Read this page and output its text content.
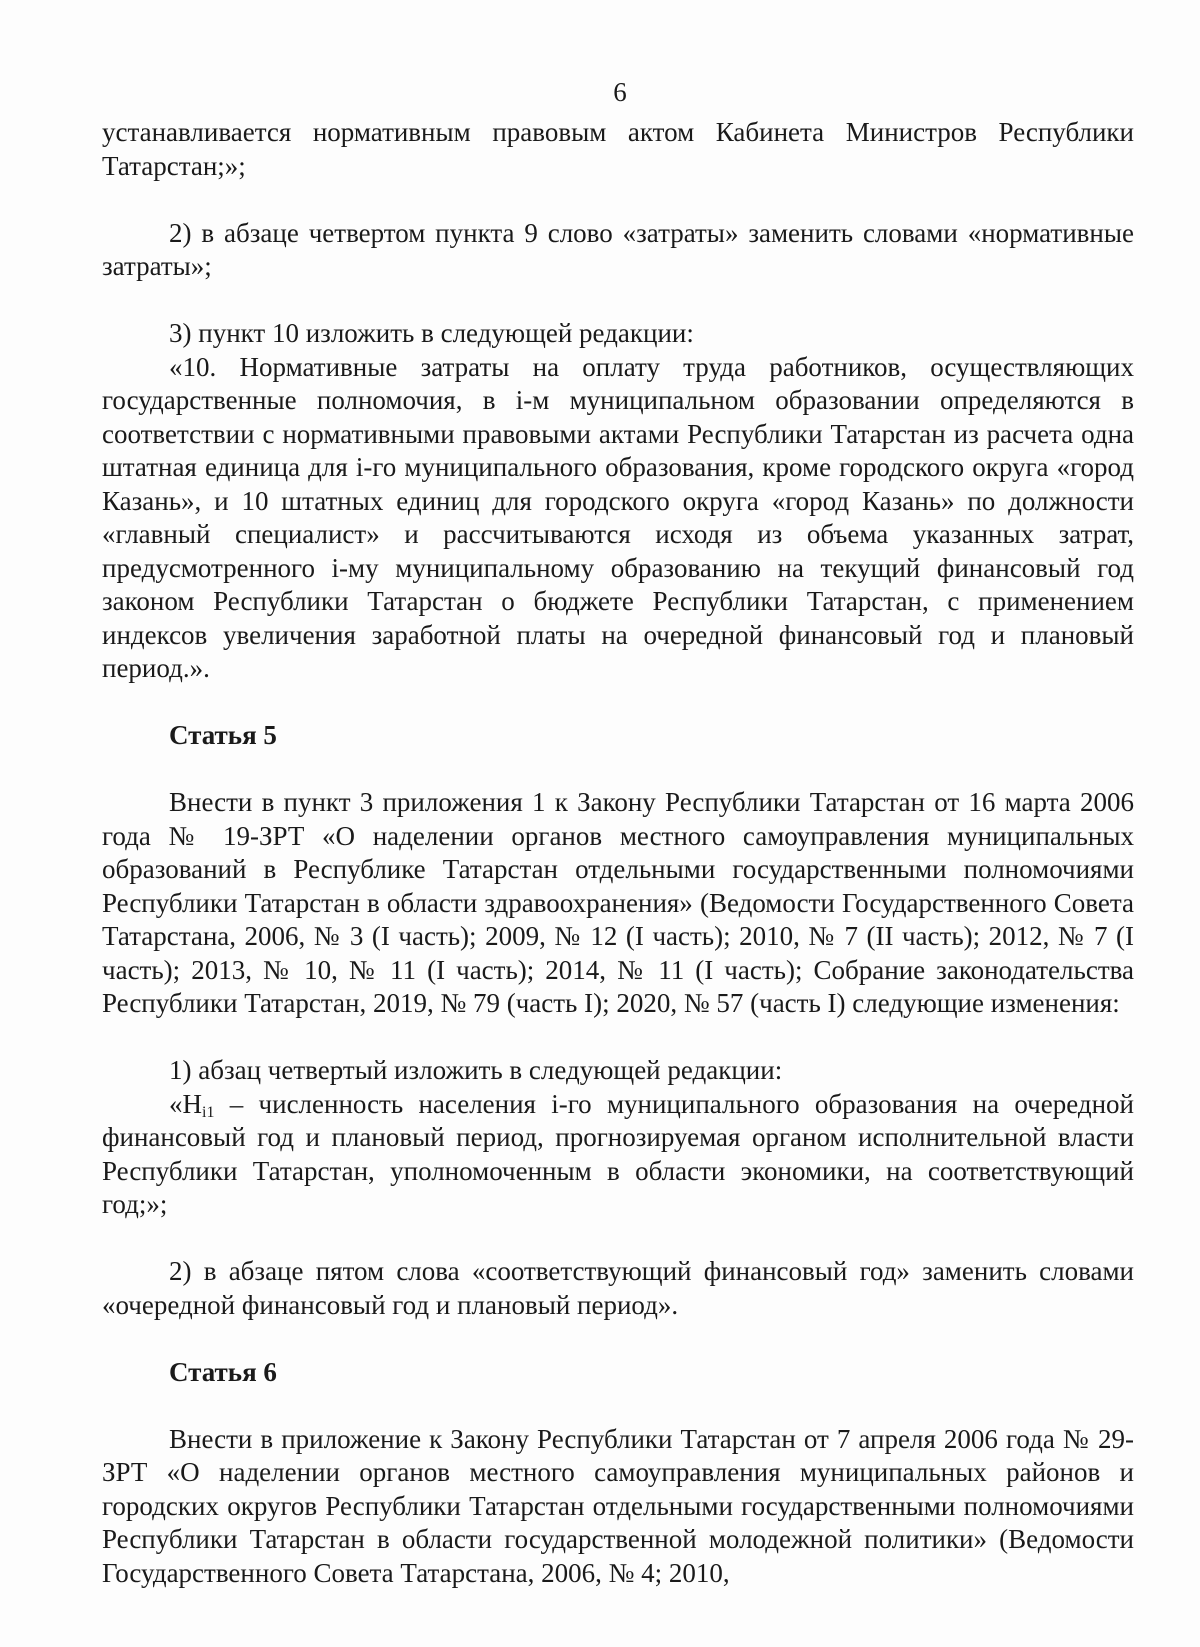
6

устанавливается нормативным правовым актом Кабинета Министров Республики Татарстан;»;

2) в абзаце четвертом пункта 9 слово «затраты» заменить словами «нормативные затраты»;

3) пункт 10 изложить в следующей редакции:

«10. Нормативные затраты на оплату труда работников, осуществляющих государственные полномочия, в i-м муниципальном образовании определяются в соответствии с нормативными правовыми актами Республики Татарстан из расчета одна штатная единица для i-го муниципального образования, кроме городского округа «город Казань», и 10 штатных единиц для городского округа «город Казань» по должности «главный специалист» и рассчитываются исходя из объема указанных затрат, предусмотренного i-му муниципальному образованию на текущий финансовый год законом Республики Татарстан о бюджете Республики Татарстан, с применением индексов увеличения заработной платы на очередной финансовый год и плановый период.».

Статья 5

Внести в пункт 3 приложения 1 к Закону Республики Татарстан от 16 марта 2006 года № 19-ЗРТ «О наделении органов местного самоуправления муниципальных образований в Республике Татарстан отдельными государственными полномочиями Республики Татарстан в области здравоохранения» (Ведомости Государственного Совета Татарстана, 2006, № 3 (I часть); 2009, № 12 (I часть); 2010, № 7 (II часть); 2012, № 7 (I часть); 2013, № 10, № 11 (I часть); 2014, № 11 (I часть); Собрание законодательства Республики Татарстан, 2019, № 79 (часть I); 2020, № 57 (часть I) следующие изменения:

1) абзац четвертый изложить в следующей редакции:

«$Н_{i1}$ – численность населения i-го муниципального образования на очередной финансовый год и плановый период, прогнозируемая органом исполнительной власти Республики Татарстан, уполномоченным в области экономики, на соответствующий год;»;

2) в абзаце пятом слова «соответствующий финансовый год» заменить словами «очередной финансовый год и плановый период».

Статья 6

Внести в приложение к Закону Республики Татарстан от 7 апреля 2006 года № 29-ЗРТ «О наделении органов местного самоуправления муниципальных районов и городских округов Республики Татарстан отдельными государственными полномочиями Республики Татарстан в области государственной молодежной политики» (Ведомости Государственного Совета Татарстана, 2006, № 4; 2010,
